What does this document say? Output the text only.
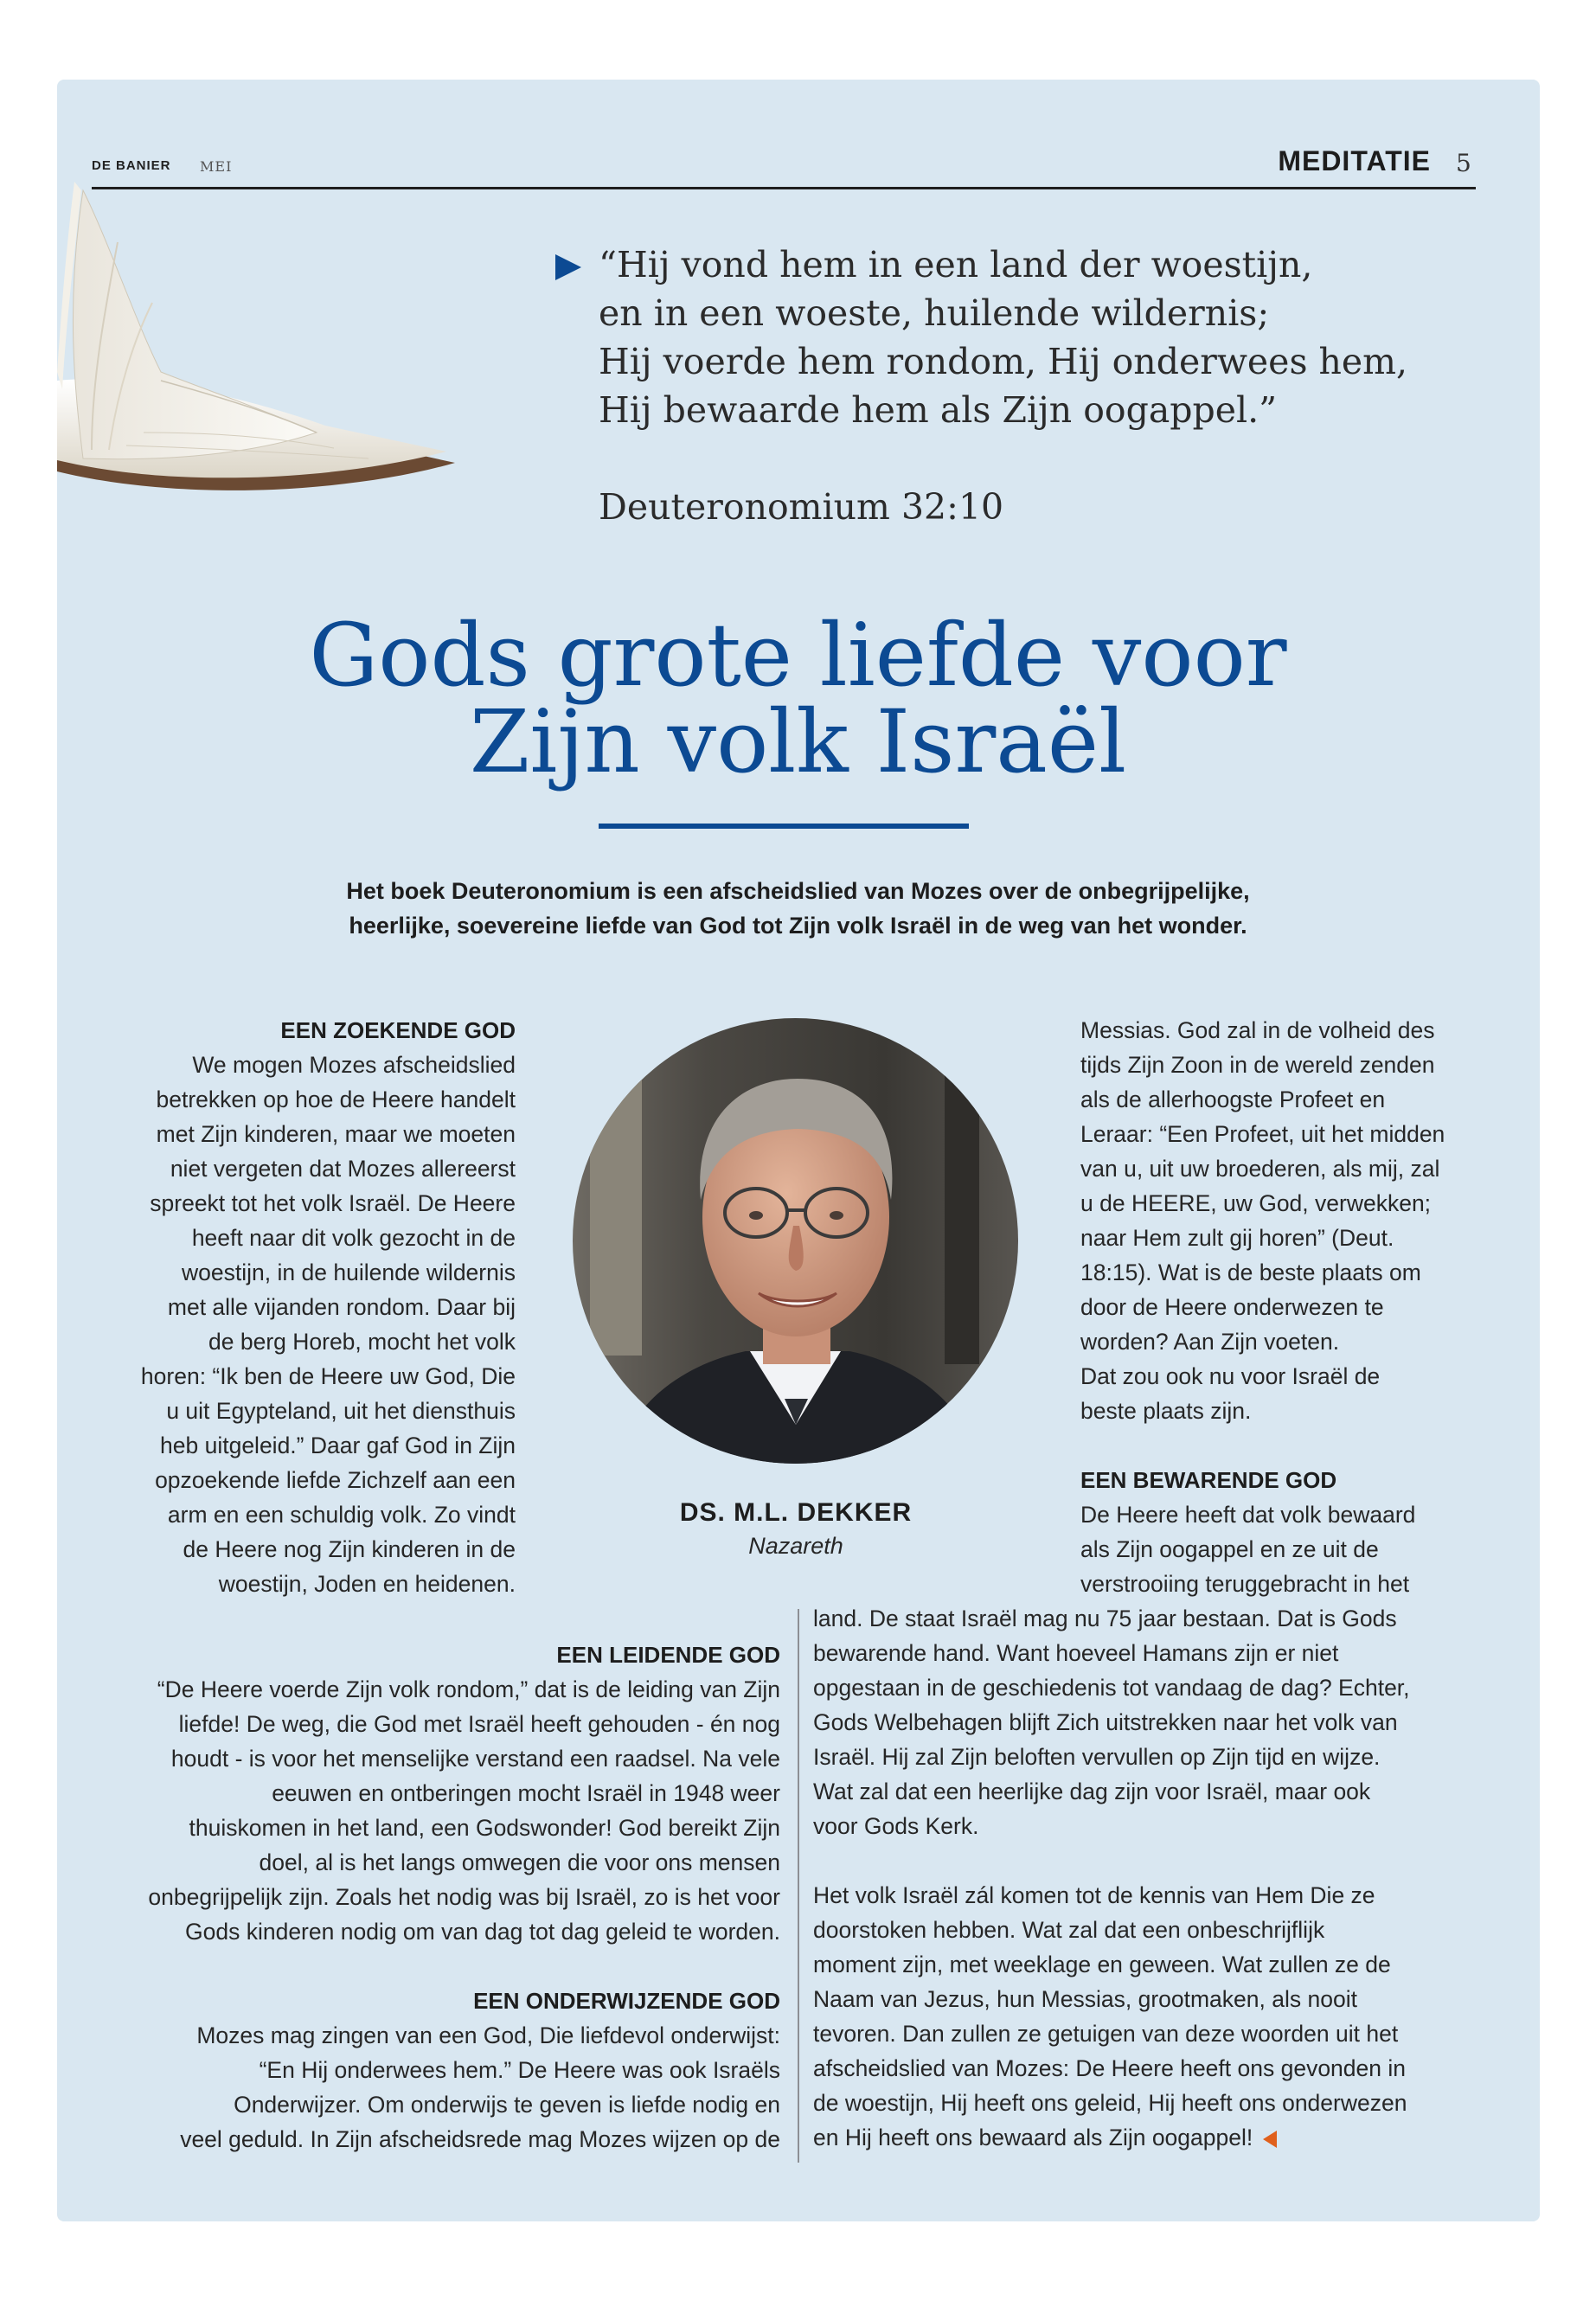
DE BANIER MEI	MEDITATIE 5
“Hij vond hem in een land der woestijn,
en in een woeste, huilende wildernis;
Hij voerde hem rondom, Hij onderwees hem,
Hij bewaarde hem als Zijn oogappel.”
Deuteronomium 32:10
Gods grote liefde voor
Zijn volk Israël
Het boek Deuteronomium is een afscheidslied van Mozes over de onbegrijpelijke,
heerlijke, soevereine liefde van God tot Zijn volk Israël in de weg van het wonder.
EEN ZOEKENDE GOD
We mogen Mozes afscheidslied
betrekken op hoe de Heere handelt
met Zijn kinderen, maar we moeten
niet vergeten dat Mozes allereerst
spreekt tot het volk Israël. De Heere
heeft naar dit volk gezocht in de
woestijn, in de huilende wildernis
met alle vijanden rondom. Daar bij
de berg Horeb, mocht het volk
horen: “Ik ben de Heere uw God, Die
u uit Egypteland, uit het diensthuis
heb uitgeleid.” Daar gaf God in Zijn
opzoekende liefde Zichzelf aan een
arm en een schuldig volk. Zo vindt
de Heere nog Zijn kinderen in de
woestijn, Joden en heidenen.
DS. M.L. DEKKER
Nazareth
Messias. God zal in de volheid des
tijds Zijn Zoon in de wereld zenden
als de allerhoogste Profeet en
Leraar: “Een Profeet, uit het midden
van u, uit uw broederen, als mij, zal
u de HEERE, uw God, verwekken;
naar Hem zult gij horen” (Deut.
18:15). Wat is de beste plaats om
door de Heere onderwezen te
worden? Aan Zijn voeten.
Dat zou ook nu voor Israël de
beste plaats zijn.
EEN BEWARENDE GOD
De Heere heeft dat volk bewaard
als Zijn oogappel en ze uit de
verstrooiing teruggebracht in het
EEN LEIDENDE GOD
“De Heere voerde Zijn volk rondom,” dat is de leiding van Zijn
liefde! De weg, die God met Israël heeft gehouden - én nog
houdt - is voor het menselijke verstand een raadsel. Na vele
eeuwen en ontberingen mocht Israël in 1948 weer
thuiskomen in het land, een Godswonder! God bereikt Zijn
doel, al is het langs omwegen die voor ons mensen
onbegrijpelijk zijn. Zoals het nodig was bij Israël, zo is het voor
Gods kinderen nodig om van dag tot dag geleid te worden.
EEN ONDERWIJZENDE GOD
Mozes mag zingen van een God, Die liefdevol onderwijst:
“En Hij onderwees hem.” De Heere was ook Israëls
Onderwijzer. Om onderwijs te geven is liefde nodig en
veel geduld. In Zijn afscheidsrede mag Mozes wijzen op de
land. De staat Israël mag nu 75 jaar bestaan. Dat is Gods
bewarende hand. Want hoeveel Hamans zijn er niet
opgestaan in de geschiedenis tot vandaag de dag? Echter,
Gods Welbehagen blijft Zich uitstrekken naar het volk van
Israël. Hij zal Zijn beloften vervullen op Zijn tijd en wijze.
Wat zal dat een heerlijke dag zijn voor Israël, maar ook
voor Gods Kerk.
Het volk Israël zál komen tot de kennis van Hem Die ze
doorstoken hebben. Wat zal dat een onbeschrijflijk
moment zijn, met weeklage en geween. Wat zullen ze de
Naam van Jezus, hun Messias, grootmaken, als nooit
tevoren. Dan zullen ze getuigen van deze woorden uit het
afscheidslied van Mozes: De Heere heeft ons gevonden in
de woestijn, Hij heeft ons geleid, Hij heeft ons onderwezen
en Hij heeft ons bewaard als Zijn oogappel!
